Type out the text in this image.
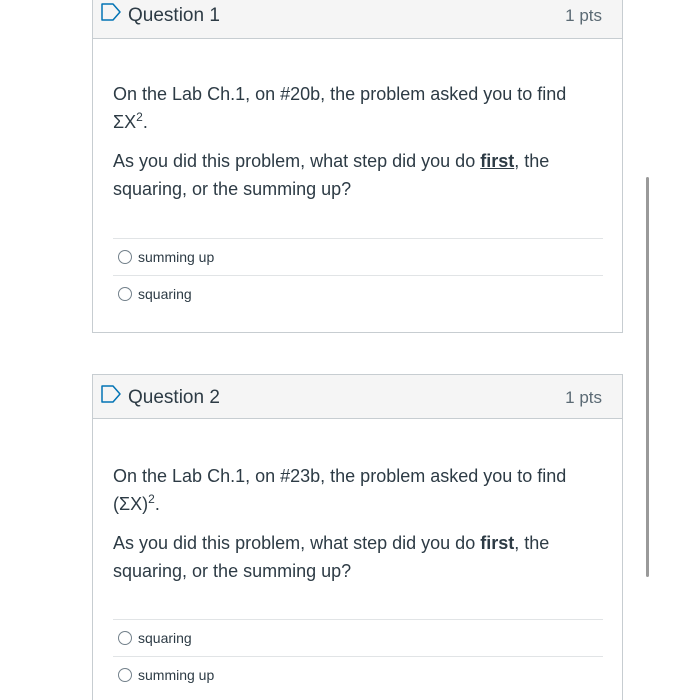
Question 1	1 pts

On the Lab Ch.1, on #20b, the problem asked you to find $\Sigma X^2$.

As you did this problem, what step did you do first, the squaring, or the summing up?

summing up
squaring
Question 2	1 pts

On the Lab Ch.1, on #23b, the problem asked you to find $(\Sigma X)^2$.

As you did this problem, what step did you do first, the squaring, or the summing up?

squaring
summing up
